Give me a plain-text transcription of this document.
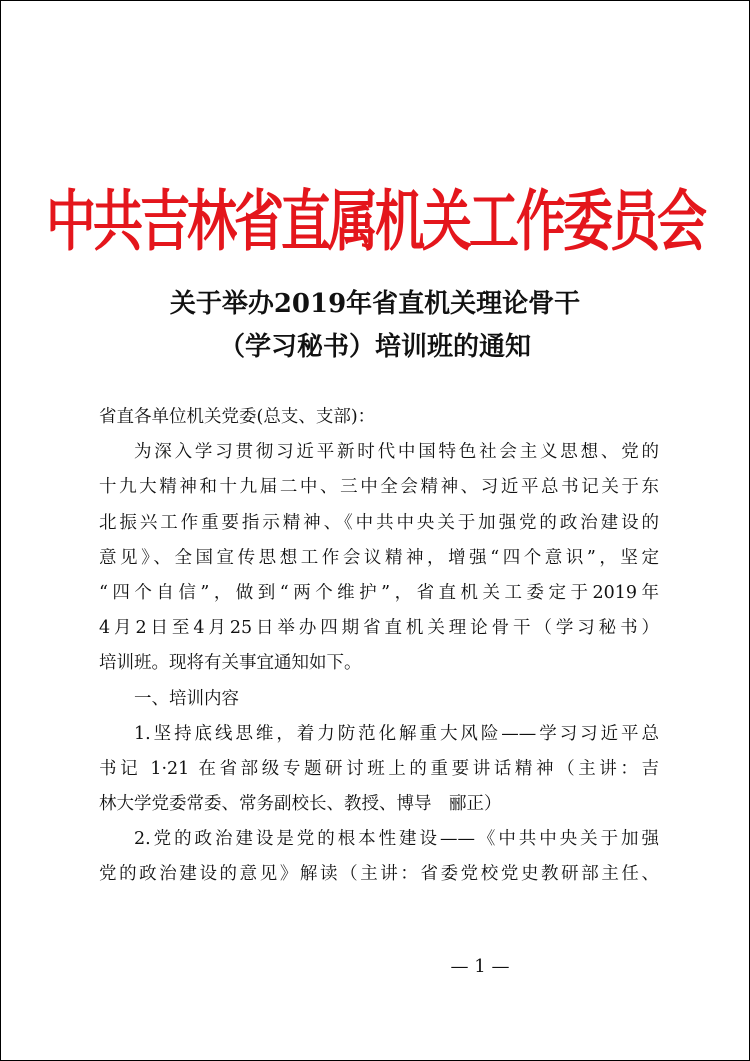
中共吉林省直属机关工作委员会
关于举办2019年省直机关理论骨干
（学习秘书）培训班的通知
省直各单位机关党委(总支、支部)：
为深入学习贯彻习近平新时代中国特色社会主义思想、党的
十九大精神和十九届二中、三中全会精神、习近平总书记关于东
北振兴工作重要指示精神、《中共中央关于加强党的政治建设的
意见》、全国宣传思想工作会议精神，增强“四个意识”，坚定
“四个自信”，做到“两个维护”，省直机关工委定于2019年
4月2日至4月25日举办四期省直机关理论骨干（学习秘书）
培训班。现将有关事宜通知如下。
一、培训内容
1.坚持底线思维，着力防范化解重大风险——学习习近平总
书记 1·21 在省部级专题研讨班上的重要讲话精神（主讲：吉
林大学党委常委、常务副校长、教授、博导　郦正）
2.党的政治建设是党的根本性建设——《中共中央关于加强
党的政治建设的意见》解读（主讲：省委党校党史教研部主任、
— 1 —
